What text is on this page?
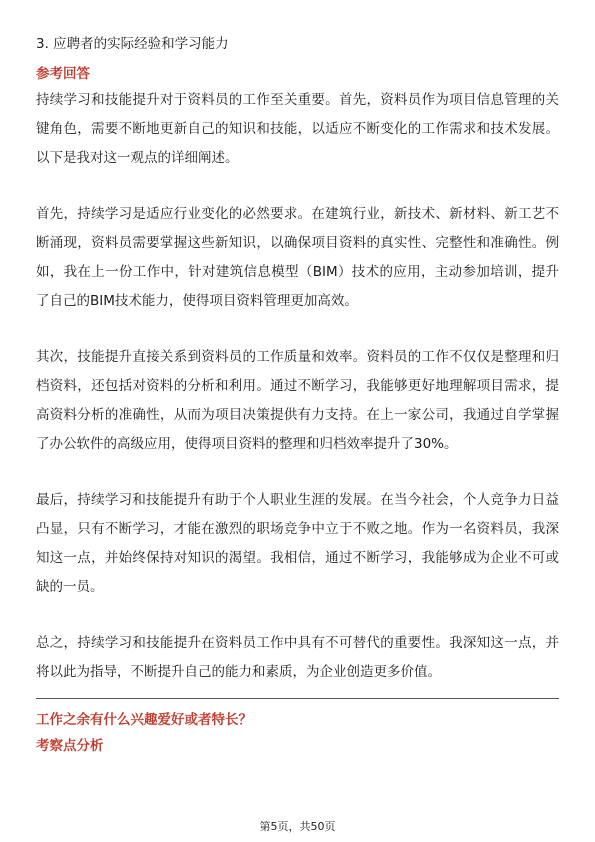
3. 应聘者的实际经验和学习能力

参考回答

持续学习和技能提升对于资料员的工作至关重要。首先，资料员作为项目信息管理的关键角色，需要不断地更新自己的知识和技能，以适应不断变化的工作需求和技术发展。以下是我对这一观点的详细阐述。

首先，持续学习是适应行业变化的必然要求。在建筑行业，新技术、新材料、新工艺不断涌现，资料员需要掌握这些新知识，以确保项目资料的真实性、完整性和准确性。例如，我在上一份工作中，针对建筑信息模型（BIM）技术的应用，主动参加培训，提升了自己的BIM技术能力，使得项目资料管理更加高效。

其次，技能提升直接关系到资料员的工作质量和效率。资料员的工作不仅仅是整理和归档资料，还包括对资料的分析和利用。通过不断学习，我能够更好地理解项目需求，提高资料分析的准确性，从而为项目决策提供有力支持。在上一家公司，我通过自学掌握了办公软件的高级应用，使得项目资料的整理和归档效率提升了30%。

最后，持续学习和技能提升有助于个人职业生涯的发展。在当今社会，个人竞争力日益凸显，只有不断学习，才能在激烈的职场竞争中立于不败之地。作为一名资料员，我深知这一点，并始终保持对知识的渴望。我相信，通过不断学习，我能够成为企业不可或缺的一员。

总之，持续学习和技能提升在资料员工作中具有不可替代的重要性。我深知这一点，并将以此为指导，不断提升自己的能力和素质，为企业创造更多价值。

工作之余有什么兴趣爱好或者特长？

考察点分析

第5页，共50页
